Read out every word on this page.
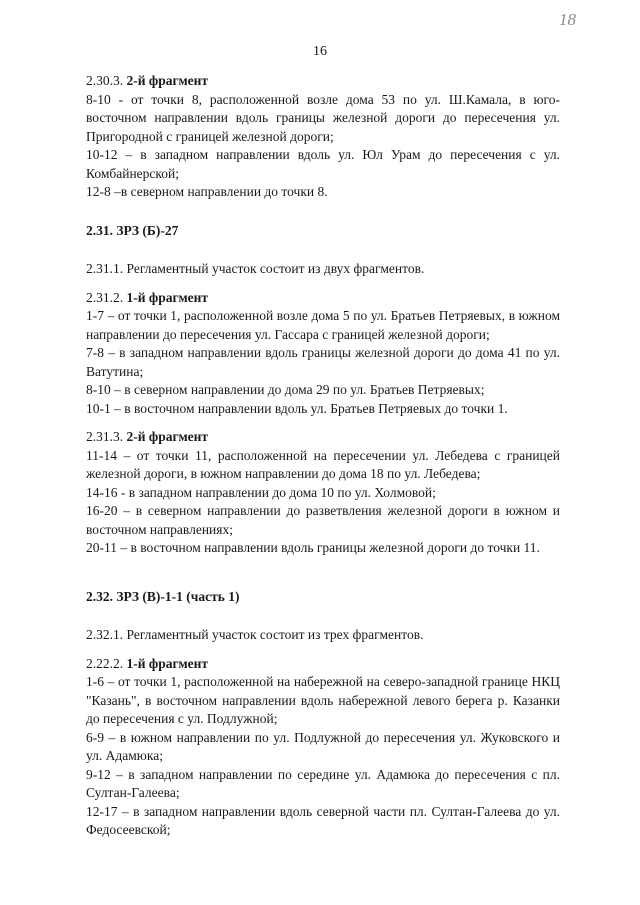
18
16

2.30.3. 2-й фрагмент

8-10 - от точки 8, расположенной возле дома 53 по ул. Ш.Камала, в юго-восточном направлении вдоль границы железной дороги до пересечения ул. Пригородной с границей железной дороги;

10-12 – в западном направлении вдоль ул. Юл Урам до пересечения с ул. Комбайнерской;

12-8 –в северном направлении до точки 8.

2.31. ЗРЗ (Б)-27

2.31.1. Регламентный участок состоит из двух фрагментов.

2.31.2. 1-й фрагмент

1-7 – от точки 1, расположенной возле дома 5 по ул. Братьев Петряевых, в южном направлении до пересечения ул. Гассара с границей железной дороги;

7-8 – в западном направлении вдоль границы железной дороги до дома 41 по ул. Ватутина;

8-10 – в северном направлении до дома 29 по ул. Братьев Петряевых;

10-1 – в восточном направлении вдоль ул. Братьев Петряевых до точки 1.

2.31.3. 2-й фрагмент

11-14 – от точки 11, расположенной на пересечении ул. Лебедева с границей железной дороги, в южном направлении до дома 18 по ул. Лебедева;

14-16 - в западном направлении до дома 10 по ул. Холмовой;

16-20 – в северном направлении до разветвления железной дороги в южном и восточном направлениях;

20-11 – в восточном направлении вдоль границы железной дороги до точки 11.

2.32. ЗРЗ (В)-1-1 (часть 1)

2.32.1. Регламентный участок состоит из трех фрагментов.

2.22.2. 1-й фрагмент

1-6 – от точки 1, расположенной на набережной на северо-западной границе НКЦ "Казань", в восточном направлении вдоль набережной левого берега р. Казанки до пересечения с ул. Подлужной;

6-9 – в южном направлении по ул. Подлужной до пересечения ул. Жуковского и ул. Адамюка;

9-12 – в западном направлении по середине ул. Адамюка до пересечения с пл. Султан-Галеева;

12-17 – в западном направлении вдоль северной части пл. Султан-Галеева до ул. Федосеевской;
